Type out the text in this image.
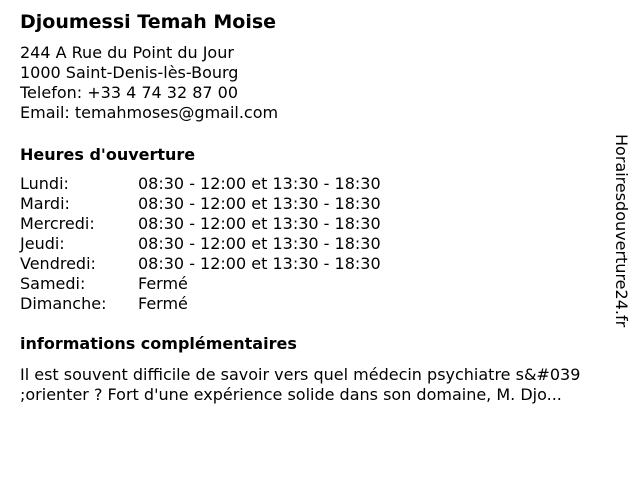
Djoumessi Temah Moise
244 A Rue du Point du Jour
1000 Saint-Denis-lès-Bourg
Telefon: +33 4 74 32 87 00
Email: temahmoses@gmail.com
Heures d'ouverture
Lundi:	08:30 - 12:00 et 13:30 - 18:30
Mardi:	08:30 - 12:00 et 13:30 - 18:30
Mercredi:	08:30 - 12:00 et 13:30 - 18:30
Jeudi:	08:30 - 12:00 et 13:30 - 18:30
Vendredi:	08:30 - 12:00 et 13:30 - 18:30
Samedi:	Fermé
Dimanche:	Fermé
informations complémentaires
Il est souvent difficile de savoir vers quel médecin psychiatre s&#039
;orienter ? Fort d'une expérience solide dans son domaine, M. Djo...
Horairesdouverture24.fr
